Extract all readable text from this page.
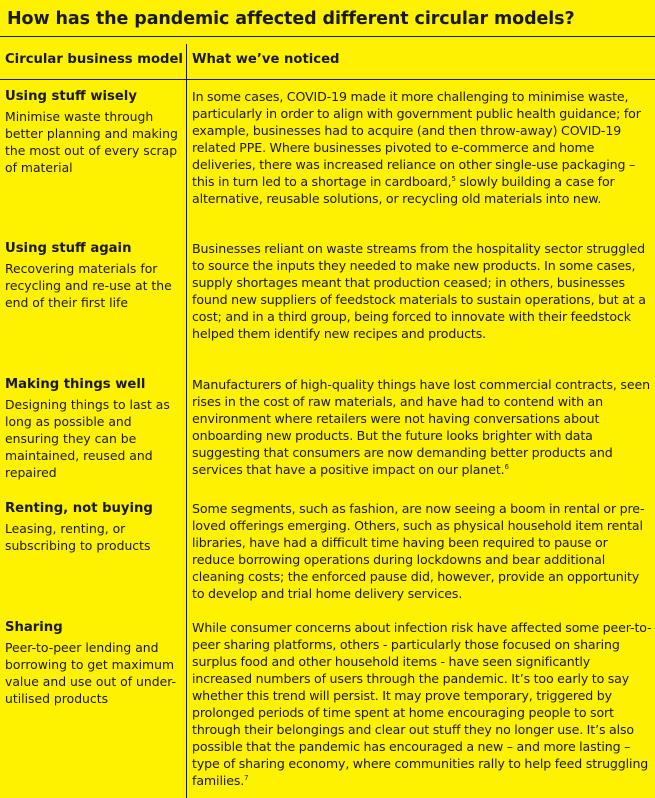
How has the pandemic affected different circular models?
Circular business model What we’ve noticed
Using stuff wisely
Minimise waste through better planning and making the most out of every scrap of material
In some cases, COVID-19 made it more challenging to minimise waste, particularly in order to align with government public health guidance; for example, businesses had to acquire (and then throw-away) COVID-19 related PPE. Where businesses pivoted to e-commerce and home deliveries, there was increased reliance on other single-use packaging – this in turn led to a shortage in cardboard,$^5$ slowly building a case for alternative, reusable solutions, or recycling old materials into new.
Using stuff again
Recovering materials for recycling and re-use at the end of their first life
Businesses reliant on waste streams from the hospitality sector struggled to source the inputs they needed to make new products. In some cases, supply shortages meant that production ceased; in others, businesses found new suppliers of feedstock materials to sustain operations, but at a cost; and in a third group, being forced to innovate with their feedstock helped them identify new recipes and products.
Making things well
Designing things to last as long as possible and ensuring they can be maintained, reused and repaired
Manufacturers of high-quality things have lost commercial contracts, seen rises in the cost of raw materials, and have had to contend with an environment where retailers were not having conversations about onboarding new products. But the future looks brighter with data suggesting that consumers are now demanding better products and services that have a positive impact on our planet.$^6$
Renting, not buying
Leasing, renting, or subscribing to products
Some segments, such as fashion, are now seeing a boom in rental or pre-loved offerings emerging. Others, such as physical household item rental libraries, have had a difficult time having been required to pause or reduce borrowing operations during lockdowns and bear additional cleaning costs; the enforced pause did, however, provide an opportunity to develop and trial home delivery services.
Sharing
Peer-to-peer lending and borrowing to get maximum value and use out of under-utilised products
While consumer concerns about infection risk have affected some peer-to-peer sharing platforms, others - particularly those focused on sharing surplus food and other household items - have seen significantly increased numbers of users through the pandemic. It’s too early to say whether this trend will persist. It may prove temporary, triggered by prolonged periods of time spent at home encouraging people to sort through their belongings and clear out stuff they no longer use. It’s also possible that the pandemic has encouraged a new – and more lasting – type of sharing economy, where communities rally to help feed struggling families.$^7$
